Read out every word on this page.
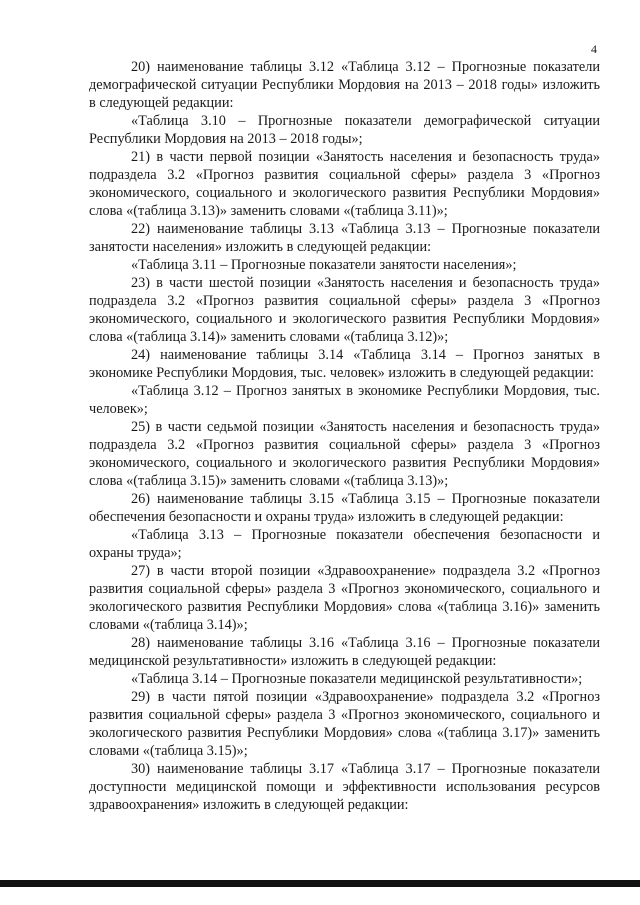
4

20) наименование таблицы 3.12 «Таблица 3.12 – Прогнозные показатели демографической ситуации Республики Мордовия на 2013 – 2018 годы» изложить в следующей редакции:

«Таблица 3.10 – Прогнозные показатели демографической ситуации Республики Мордовия на 2013 – 2018 годы»;

21) в части первой позиции «Занятость населения и безопасность труда» подраздела 3.2 «Прогноз развития социальной сферы» раздела 3 «Прогноз экономического, социального и экологического развития Республики Мордовия» слова «(таблица 3.13)» заменить словами «(таблица 3.11)»;

22) наименование таблицы 3.13 «Таблица 3.13 – Прогнозные показатели занятости населения» изложить в следующей редакции:

«Таблица 3.11 – Прогнозные показатели занятости населения»;

23) в части шестой позиции «Занятость населения и безопасность труда» подраздела 3.2 «Прогноз развития социальной сферы» раздела 3 «Прогноз экономического, социального и экологического развития Республики Мордовия» слова «(таблица 3.14)» заменить словами «(таблица 3.12)»;

24) наименование таблицы 3.14 «Таблица 3.14 – Прогноз занятых в экономике Республики Мордовия, тыс. человек» изложить в следующей редакции:

«Таблица 3.12 – Прогноз занятых в экономике Республики Мордовия, тыс. человек»;

25) в части седьмой позиции «Занятость населения и безопасность труда» подраздела 3.2 «Прогноз развития социальной сферы» раздела 3 «Прогноз экономического, социального и экологического развития Республики Мордовия» слова «(таблица 3.15)» заменить словами «(таблица 3.13)»;

26) наименование таблицы 3.15 «Таблица 3.15 – Прогнозные показатели обеспечения безопасности и охраны труда» изложить в следующей редакции:

«Таблица 3.13 – Прогнозные показатели обеспечения безопасности и охраны труда»;

27) в части второй позиции «Здравоохранение» подраздела 3.2 «Прогноз развития социальной сферы» раздела 3 «Прогноз экономического, социального и экологического развития Республики Мордовия» слова «(таблица 3.16)» заменить словами «(таблица 3.14)»;

28) наименование таблицы 3.16 «Таблица 3.16 – Прогнозные показатели медицинской результативности» изложить в следующей редакции:

«Таблица 3.14 – Прогнозные показатели медицинской результативности»;

29) в части пятой позиции «Здравоохранение» подраздела 3.2 «Прогноз развития социальной сферы» раздела 3 «Прогноз экономического, социального и экологического развития Республики Мордовия» слова «(таблица 3.17)» заменить словами «(таблица 3.15)»;

30) наименование таблицы 3.17 «Таблица 3.17 – Прогнозные показатели доступности медицинской помощи и эффективности использования ресурсов здравоохранения» изложить в следующей редакции:
